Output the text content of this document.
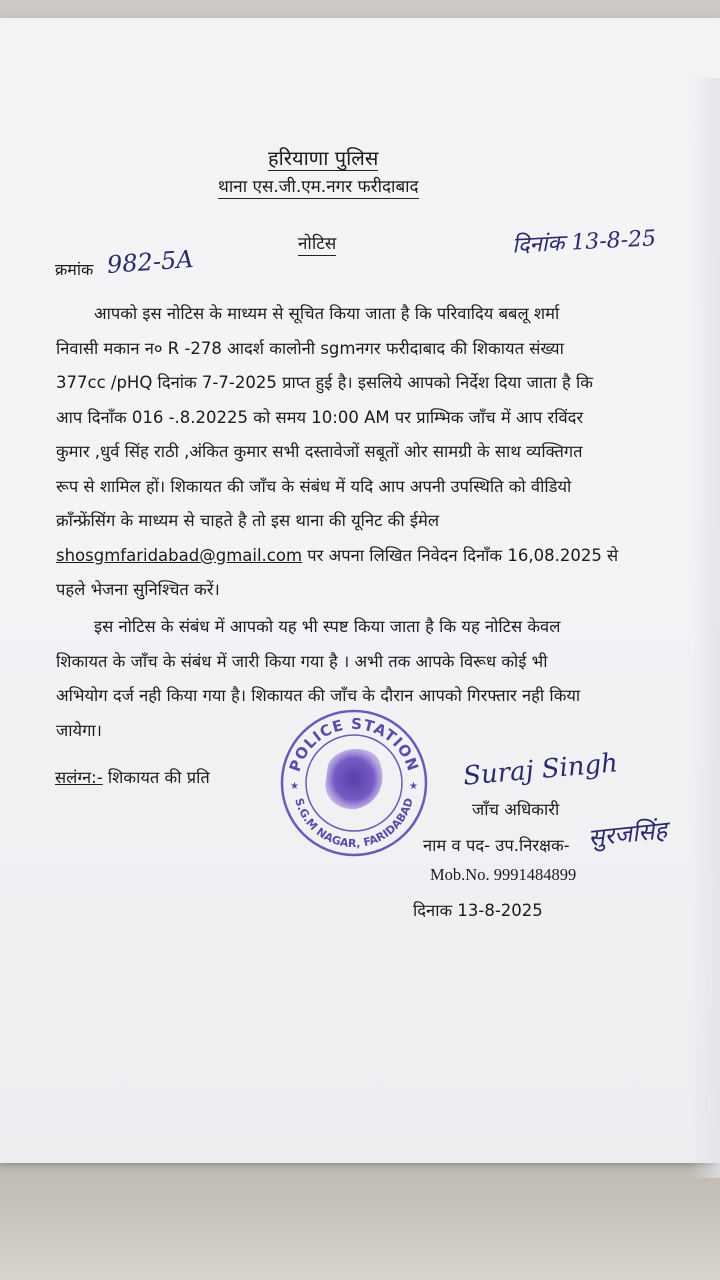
हरियाणा पुलिस
थाना एस.जी.एम.नगर फरीदाबाद
नोटिस
क्रमांक 982-5A
दिनांक 13-8-25

आपको इस नोटिस के माध्यम से सूचित किया जाता है कि परिवादिय बबलू शर्मा

निवासी मकान न० R -278 आदर्श कालोनी sgmनगर फरीदाबाद की शिकायत संख्या

377cc /pHQ दिनांक 7-7-2025 प्राप्त हुई है। इसलिये आपको निर्देश दिया जाता है कि

आप दिनाँक 016 -.8.20225 को समय 10:00 AM पर प्राम्भिक जाँच में आप रविंदर

कुमार ,धुर्व सिंह राठी ,अंकित कुमार सभी दस्तावेजों सबूतों ओर सामग्री के साथ व्यक्तिगत

रूप से शामिल हों। शिकायत की जाँच के संबंध में यदि आप अपनी उपस्थिति को वीडियो

क्राँन्फ्रेंसिंग के माध्यम से चाहते है तो इस थाना की यूनिट की ईमेल

shosgmfaridabad@gmail.com पर अपना लिखित निवेदन दिनाँक 16,08.2025 से

पहले भेजना सुनिश्चित करें।

इस नोटिस के संबंध में आपको यह भी स्पष्ट किया जाता है कि यह नोटिस केवल

शिकायत के जाँच के संबंध में जारी किया गया है । अभी तक आपके विरूध कोई भी

अभियोग दर्ज नही किया गया है। शिकायत की जाँच के दौरान आपको गिरफ्तार नही किया

जायेगा।

सलंग्न:- शिकायत की प्रति
POLICE STATION
S.G.M NAGAR, FARIDABAD
★	★ Suraj Singh
जाँच अधिकारी
नाम व पद- उप.निरक्षक- सुरजसिंह
Mob.No. 9991484899
दिनाक 13-8-2025
